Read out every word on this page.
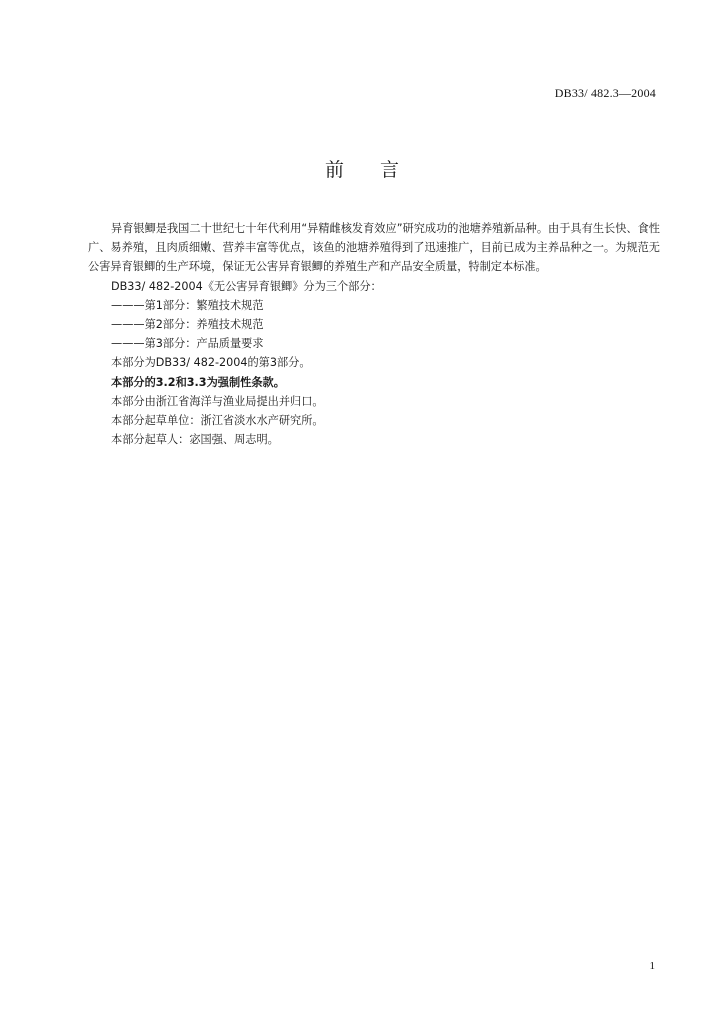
DB33/ 482.3—2004
前言

异育银鲫是我国二十世纪七十年代利用“异精雌核发育效应”研究成功的池塘养殖新品种。由于具有生长快、食性广、易养殖，且肉质细嫩、营养丰富等优点，该鱼的池塘养殖得到了迅速推广，目前已成为主养品种之一。为规范无公害异育银鲫的生产环境，保证无公害异育银鲫的养殖生产和产品安全质量，特制定本标准。

DB33/ 482-2004《无公害异育银鲫》分为三个部分：

———第1部分：繁殖技术规范

———第2部分：养殖技术规范

———第3部分：产品质量要求

本部分为DB33/ 482-2004的第3部分。

本部分的3.2和3.3为强制性条款。

本部分由浙江省海洋与渔业局提出并归口。

本部分起草单位：浙江省淡水水产研究所。

本部分起草人：宓国强、周志明。

1
